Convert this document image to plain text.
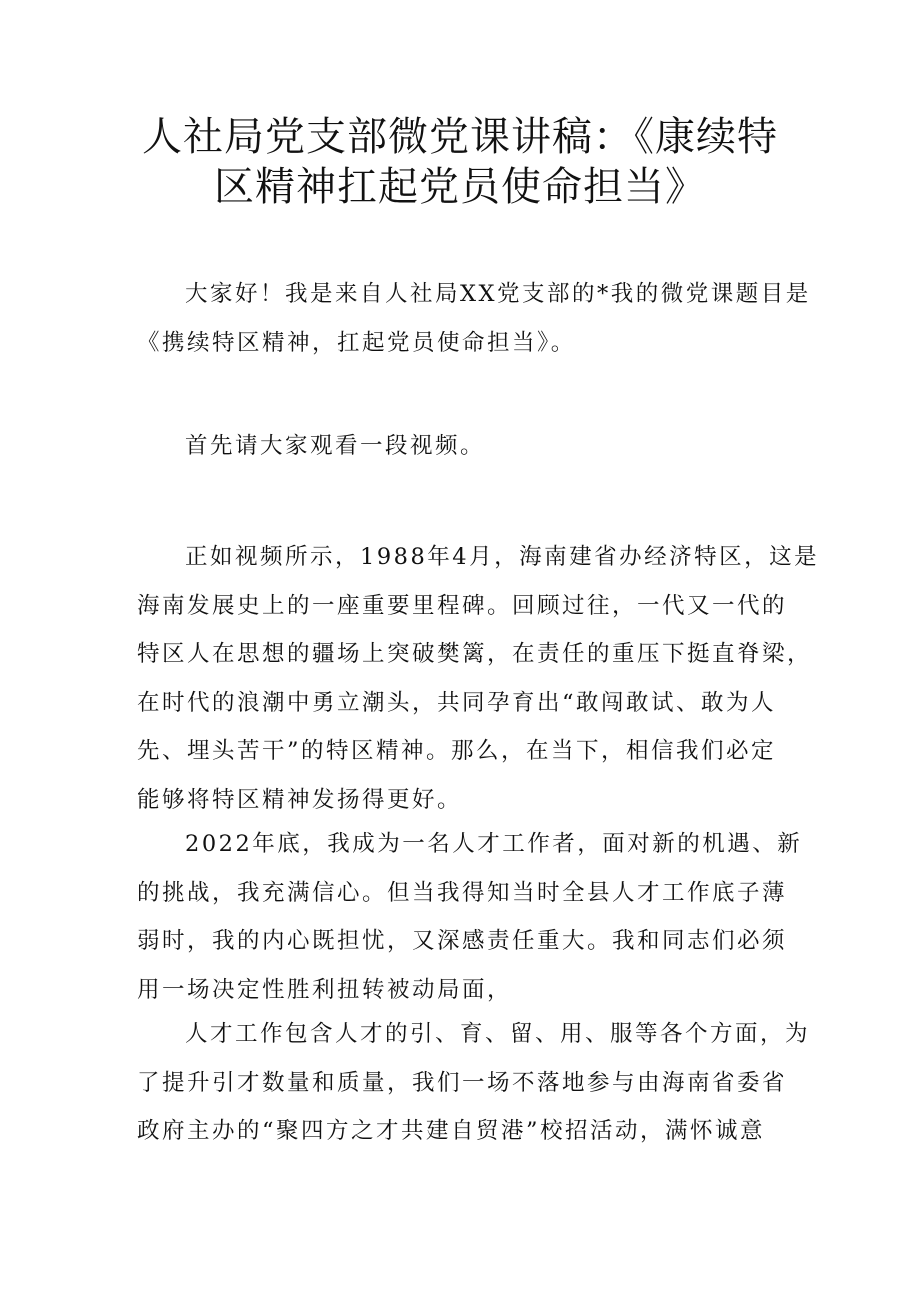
人社局党支部微党课讲稿：《康续特
区精神扛起党员使命担当》

大家好！我是来自人社局XX党支部的*我的微党课题目是
《携续特区精神，扛起党员使命担当》。

首先请大家观看一段视频。

正如视频所示，1988年4月，海南建省办经济特区，这是
海南发展史上的一座重要里程碑。回顾过往，一代又一代的
特区人在思想的疆场上突破樊篱，在责任的重压下挺直脊梁，
在时代的浪潮中勇立潮头，共同孕育出“敢闯敢试、敢为人
先、埋头苦干”的特区精神。那么，在当下，相信我们必定
能够将特区精神发扬得更好。

2022年底，我成为一名人才工作者，面对新的机遇、新
的挑战，我充满信心。但当我得知当时全县人才工作底子薄
弱时，我的内心既担忧，又深感责任重大。我和同志们必须
用一场决定性胜利扭转被动局面，

人才工作包含人才的引、育、留、用、服等各个方面，为
了提升引才数量和质量，我们一场不落地参与由海南省委省
政府主办的“聚四方之才共建自贸港”校招活动，满怀诚意
